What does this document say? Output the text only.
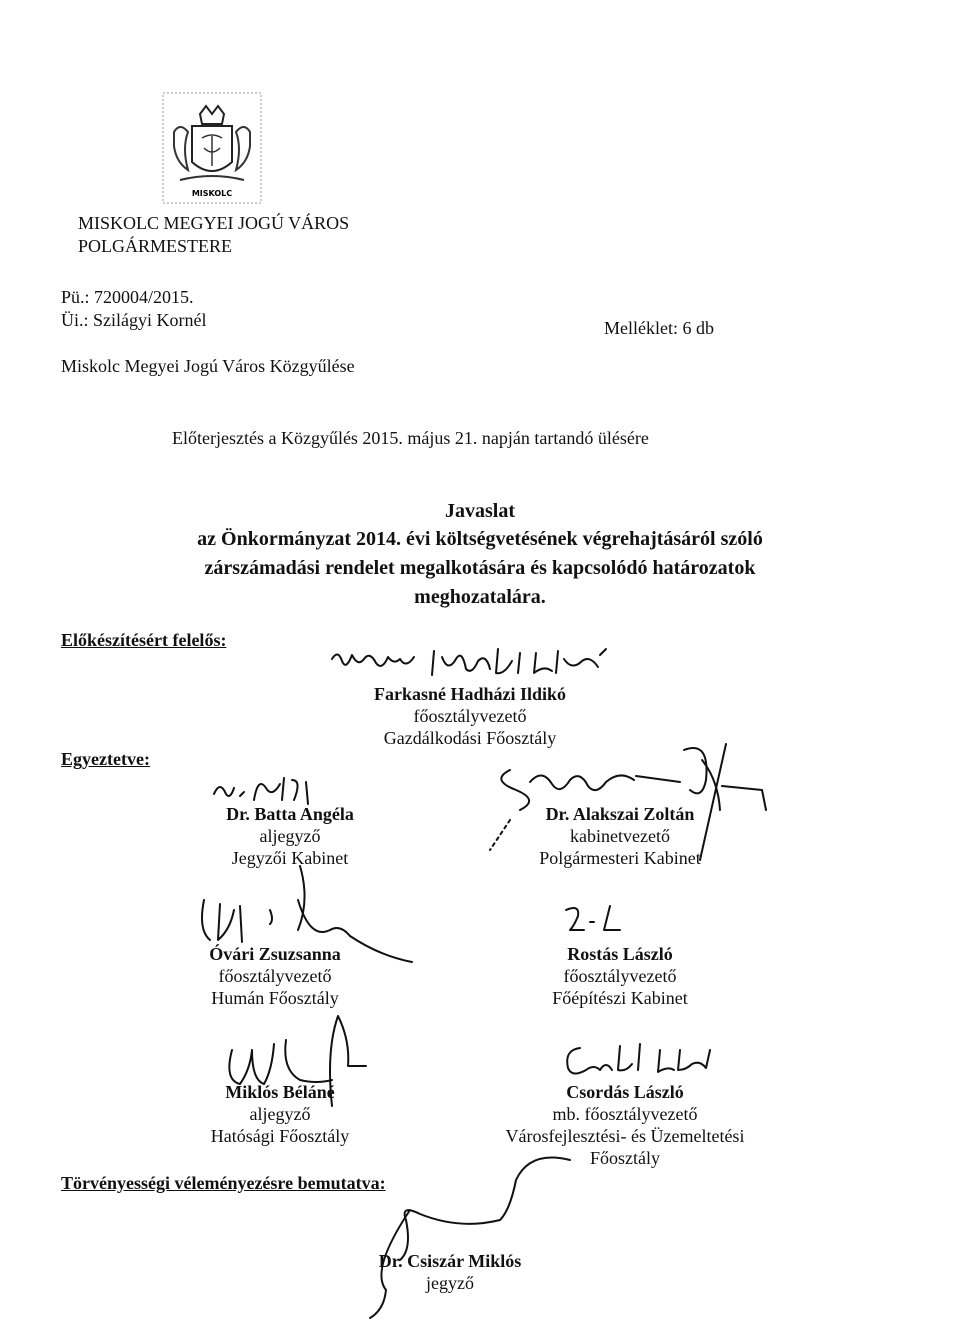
MISKOLC
MISKOLC MEGYEI JOGÚ VÁROS
POLGÁRMESTERE
Pü.: 720004/2015.
Üi.: Szilágyi Kornél	Melléklet: 6 db
Miskolc Megyei Jogú Város Közgyűlése
Előterjesztés a Közgyűlés 2015. május 21. napján tartandó ülésére
Javaslat
az Önkormányzat 2014. évi költségvetésének végrehajtásáról szóló
zárszámadási rendelet megalkotására és kapcsolódó határozatok
meghozatalára.
Előkészítésért felelős:
Farkasné Hadházi Ildikó
főosztályvezető
Gazdálkodási Főosztály
Egyeztetve:
Dr. Batta Angéla
aljegyző
Jegyzői Kabinet
Dr. Alakszai Zoltán
kabinetvezető
Polgármesteri Kabinet
Óvári Zsuzsanna
főosztályvezető
Humán Főosztály
Rostás László
főosztályvezető
Főépítészi Kabinet
Miklós Béláné
aljegyző
Hatósági Főosztály
Csordás László
mb. főosztályvezető
Városfejlesztési- és Üzemeltetési
Főosztály
Törvényességi véleményezésre bemutatva:
Dr. Csiszár Miklós
jegyző
